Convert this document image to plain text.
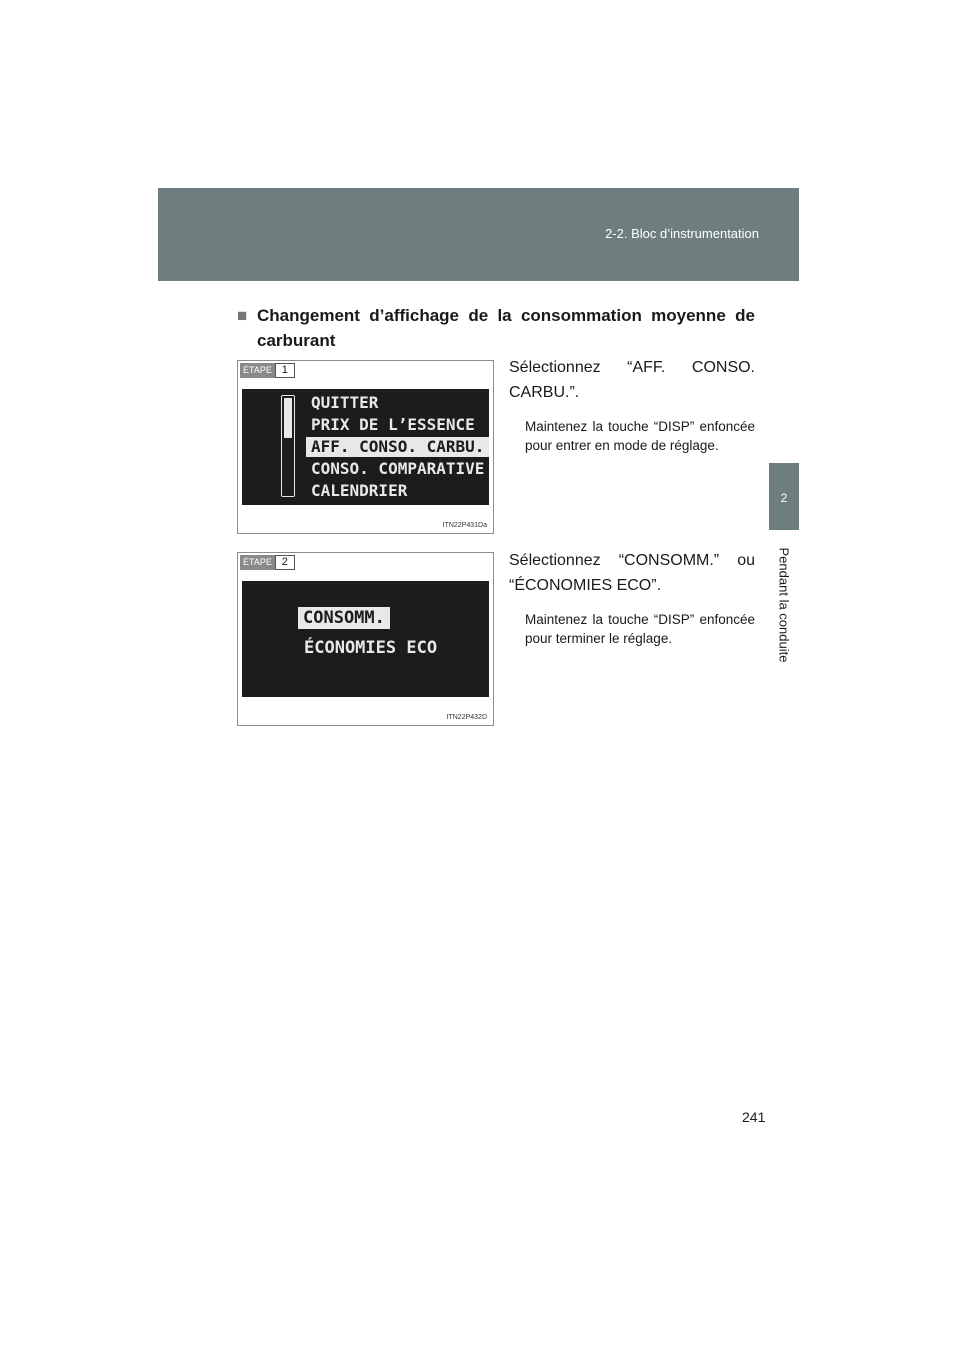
2-2. Bloc d’instrumentation
2
Pendant la conduite
■ Changement d’affichage de la consommation moyenne de
carburant
ÉTAPE 1
QUITTER
PRIX DE L’ESSENCE
AFF. CONSO. CARBU.
CONSO. COMPARATIVE
CALENDRIER
ITN22P431Da
Sélectionnez “AFF. CONSO. CARBU.”.
Maintenez la touche “DISP” enfoncée pour entrer en mode de réglage.
ÉTAPE 2
CONSOMM.
ÉCONOMIES ECO
ITN22P432D
Sélectionnez “CONSOMM.” ou “ÉCONOMIES ECO”.
Maintenez la touche “DISP” enfoncée pour terminer le réglage.
241
